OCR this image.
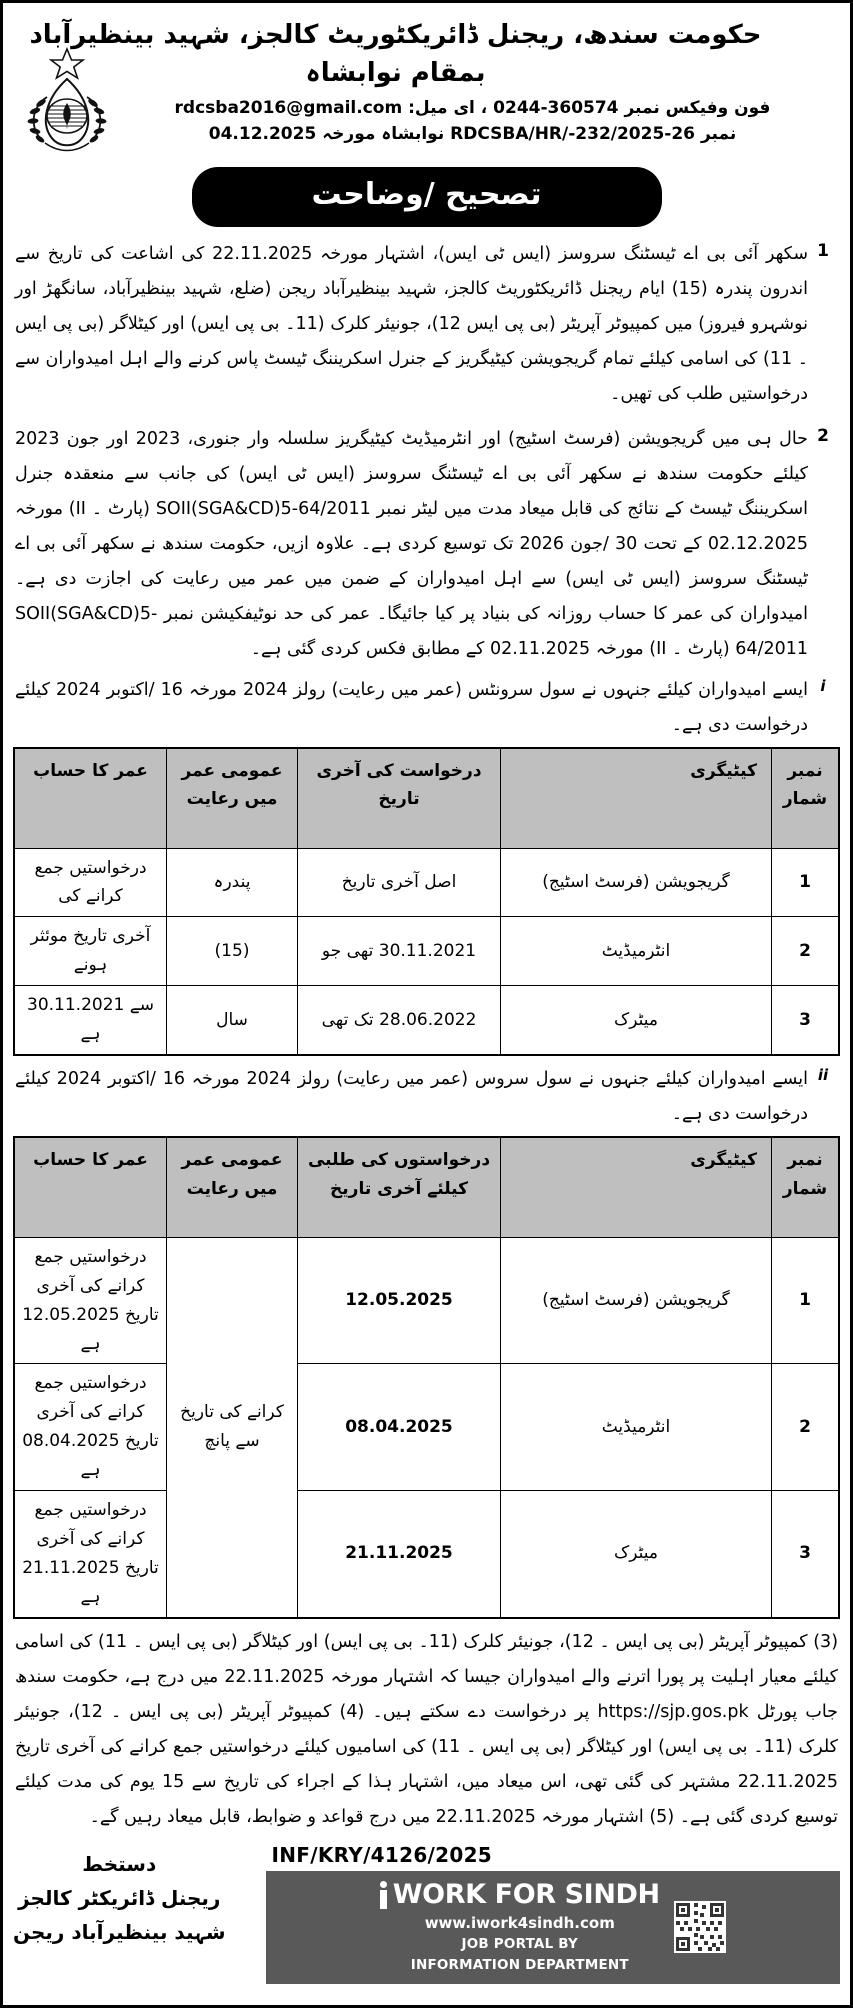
حکومت سندھ، ریجنل ڈائریکٹوریٹ کالجز، شہید بینظیرآباد بمقام نوابشاہ
فون وفیکس نمبر 0244-360574 ، ای میل: rdcsba2016@gmail.com
نمبر RDCSBA/HR/-232/2025-26 نوابشاہ مورخہ 04.12.2025
تصحیح /وضاحت
1
سکھر آئی بی اے ٹیسٹنگ سروسز (ایس ٹی ایس)، اشتہار مورخہ 22.11.2025 کی اشاعت کی تاریخ سے اندرون پندرہ (15) ایام ریجنل ڈائریکٹوریٹ کالجز، شہید بینظیرآباد ریجن (ضلع، شہید بینظیرآباد، سانگھڑ اور نوشہرو فیروز) میں کمپیوٹر آپریٹر (بی پی ایس 12)، جونیئر کلرک (11۔ بی پی ایس) اور کیٹلاگر (بی پی ایس ۔ 11) کی اسامی کیلئے تمام گریجویشن کیٹیگریز کے جنرل اسکریننگ ٹیسٹ پاس کرنے والے اہل امیدواران سے درخواستیں طلب کی تھیں۔
2
حال ہی میں گریجویشن (فرسٹ اسٹیج) اور انٹرمیڈیٹ کیٹیگریز سلسلہ وار جنوری، 2023 اور جون 2023 کیلئے حکومت سندھ نے سکھر آئی بی اے ٹیسٹنگ سروسز (ایس ٹی ایس) کی جانب سے منعقدہ جنرل اسکریننگ ٹیسٹ کے نتائج کی قابل میعاد مدت میں لیٹر نمبر SOII(SGA&CD)5-64/2011 (پارٹ ۔ II) مورخہ 02.12.2025 کے تحت 30 /جون 2026 تک توسیع کردی ہے۔ علاوہ ازیں، حکومت سندھ نے سکھر آئی بی اے ٹیسٹنگ سروسز (ایس ٹی ایس) سے اہل امیدواران کے ضمن میں عمر میں رعایت کی اجازت دی ہے۔ امیدواران کی عمر کا حساب روزانہ کی بنیاد پر کیا جائیگا۔ عمر کی حد نوٹیفکیشن نمبر SOII(SGA&CD)5-64/2011 (پارٹ ۔ II) مورخہ 02.11.2025 کے مطابق فکس کردی گئی ہے۔
i
ایسے امیدواران کیلئے جنہوں نے سول سرونٹس (عمر میں رعایت) رولز 2024 مورخہ 16 /اکتوبر 2024 کیلئے درخواست دی ہے۔
نمبر شمار	کیٹیگری	درخواست کی آخری تاریخ	عمومی عمر میں رعایت	عمر کا حساب
1	گریجویشن (فرسٹ اسٹیج)	اصل آخری تاریخ	پندرہ	درخواستیں جمع کرانے کی
2	انٹرمیڈیٹ	30.11.2021 تھی جو	(15)	آخری تاریخ موئثر ہونے
3	میٹرک	28.06.2022 تک تھی	سال	سے 30.11.2021 ہے
ii
ایسے امیدواران کیلئے جنہوں نے سول سروس (عمر میں رعایت) رولز 2024 مورخہ 16 /اکتوبر 2024 کیلئے درخواست دی ہے۔
نمبر شمار	کیٹیگری	درخواستوں کی طلبی کیلئے آخری تاریخ	عمومی عمر میں رعایت	عمر کا حساب
1	گریجویشن (فرسٹ اسٹیج)	12.05.2025	کرانے کی تاریخ سے پانچ	درخواستیں جمع کرانے کی آخری تاریخ 12.05.2025 ہے
2	انٹرمیڈیٹ	08.04.2025		درخواستیں جمع کرانے کی آخری تاریخ 08.04.2025 ہے
3	میٹرک	21.11.2025		درخواستیں جمع کرانے کی آخری تاریخ 21.11.2025 ہے
(3) کمپیوٹر آپریٹر (بی پی ایس ۔ 12)، جونیئر کلرک (11۔ بی پی ایس) اور کیٹلاگر (بی پی ایس ۔ 11) کی اسامی کیلئے معیار اہلیت پر پورا اترنے والے امیدواران جیسا کہ اشتہار مورخہ 22.11.2025 میں درج ہے، حکومت سندھ جاب پورٹل https://sjp.gos.pk پر درخواست دے سکتے ہیں۔ (4) کمپیوٹر آپریٹر (بی پی ایس ۔ 12)، جونیئر کلرک (11۔ بی پی ایس) اور کیٹلاگر (بی پی ایس ۔ 11) کی اسامیوں کیلئے درخواستیں جمع کرانے کی آخری تاریخ 22.11.2025 مشتہر کی گئی تھی، اس میعاد میں، اشتہار ہذا کے اجراء کی تاریخ سے 15 یوم کی مدت کیلئے توسیع کردی گئی ہے۔ (5) اشتہار مورخہ 22.11.2025 میں درج قواعد و ضوابط، قابل میعاد رہیں گے۔
INF/KRY/4126/2025
WORK FOR SINDH
www.iwork4sindh.com
JOB PORTAL BY
INFORMATION DEPARTMENT
دستخط
ریجنل ڈائریکٹر کالجز
شہید بینظیرآباد ریجن
